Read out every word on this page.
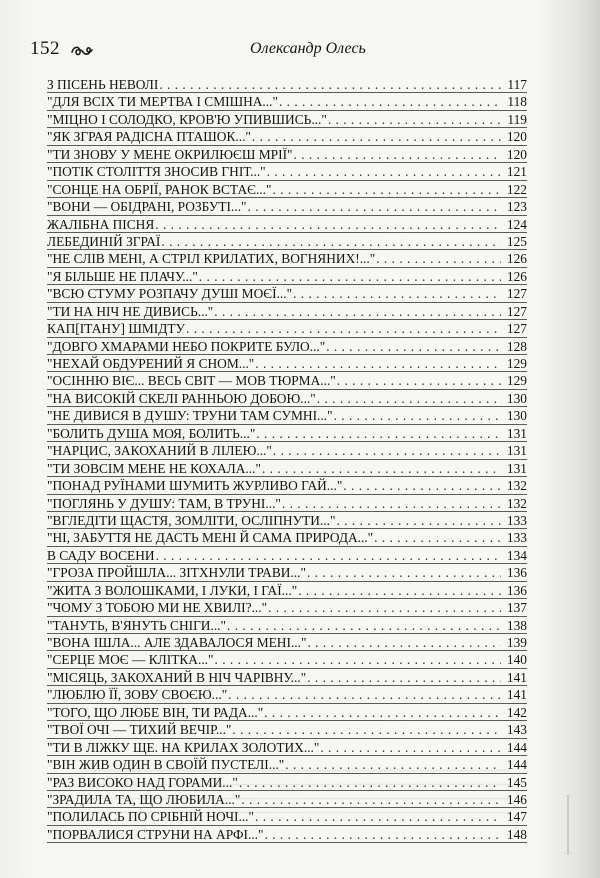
152	Олександр Олесь
З ПІСЕНЬ НЕВОЛІ . . .	117
"ДЛЯ ВСІХ ТИ МЕРТВА І СМІШНА..." . . .	118
"МІЦНО І СОЛОДКО, КРОВ'Ю УПИВШИСЬ..." . . .	119
"ЯК ЗГРАЯ РАДІСНА ПТАШОК..." . . .	120
"ТИ ЗНОВУ У МЕНЕ ОКРИЛЮЄШ МРІЇ" . . .	120
"ПОТІК СТОЛІТТЯ ЗНОСИВ ГНІТ..." . . .	121
"СОНЦЕ НА ОБРІЇ, РАНОК ВСТАЄ..." . . .	122
"ВОНИ — ОБІДРАНІ, РОЗБУТІ..." . . .	123
ЖАЛІБНА ПІСНЯ . . .	124
ЛЕБЕДИНІЙ ЗГРАЇ . . .	125
"НЕ СЛІВ МЕНІ, А СТРІЛ КРИЛАТИХ, ВОГНЯНИХ!..." . . .	126
"Я БІЛЬШЕ НЕ ПЛАЧУ..." . . .	126
"ВСЮ СТУМУ РОЗПАЧУ ДУШІ МОЄЇ..." . . .	127
"ТИ НА НІЧ НЕ ДИВИСЬ..." . . .	127
КАП[ІТАНУ] ШМІДТУ . . .	127
"ДОВГО ХМАРАМИ НЕБО ПОКРИТЕ БУЛО..." . . .	128
"НЕХАЙ ОБДУРЕНИЙ Я СНОМ..." . . .	129
"ОСІННЮ ВІЄ... ВЕСЬ СВІТ — МОВ ТЮРМА..." . . .	129
"НА ВИСОКІЙ СКЕЛІ РАННЬОЮ ДОБОЮ..." . . .	130
"НЕ ДИВИСЯ В ДУШУ: ТРУНИ ТАМ СУМНІ..." . . .	130
"БОЛИТЬ ДУША МОЯ, БОЛИТЬ..." . . .	131
"НАРЦИС, ЗАКОХАНИЙ В ЛІЛЕЮ..." . . .	131
"ТИ ЗОВСІМ МЕНЕ НЕ КОХАЛА..." . . .	131
"ПОНАД РУЇНАМИ ШУМИТЬ ЖУРЛИВО ГАЙ..." . . .	132
"ПОГЛЯНЬ У ДУШУ: ТАМ, В ТРУНІ..." . . .	132
"ВГЛЕДІТИ ЩАСТЯ, ЗОМЛІТИ, ОСЛІПНУТИ..." . . .	133
"НІ, ЗАБУТТЯ НЕ ДАСТЬ МЕНІ Й САМА ПРИРОДА..." . . .	133
В САДУ ВОСЕНИ . . .	134
"ГРОЗА ПРОЙШЛА... ЗІТХНУЛИ ТРАВИ..." . . .	136
"ЖИТА З ВОЛОШКАМИ, І ЛУКИ, І ГАЇ..." . . .	136
"ЧОМУ З ТОБОЮ МИ НЕ ХВИЛІ?..." . . .	137
"ТАНУТЬ, В'ЯНУТЬ СНІГИ..." . . .	138
"ВОНА ІШЛА... АЛЕ ЗДАВАЛОСЯ МЕНІ..." . . .	139
"СЕРЦЕ МОЄ — КЛІТКА..." . . .	140
"МІСЯЦЬ, ЗАКОХАНИЙ В НІЧ ЧАРІВНУ..." . . .	141
"ЛЮБЛЮ ЇЇ, ЗОВУ СВОЄЮ..." . . .	141
"ТОГО, ЩО ЛЮБЕ ВІН, ТИ РАДА..." . . .	142
"ТВОЇ ОЧІ — ТИХИЙ ВЕЧІР..." . . .	143
"ТИ В ЛІЖКУ ЩЕ. НА КРИЛАХ ЗОЛОТИХ..." . . .	144
"ВІН ЖИВ ОДИН В СВОЇЙ ПУСТЕЛІ..." . . .	144
"РАЗ ВИСОКО НАД ГОРАМИ..." . . .	145
"ЗРАДИЛА ТА, ЩО ЛЮБИЛА..." . . .	146
"ПОЛИЛАСЬ ПО СРІБНІЙ НОЧІ..." . . .	147
"ПОРВАЛИСЯ СТРУНИ НА АРФІ..." . . .	148
